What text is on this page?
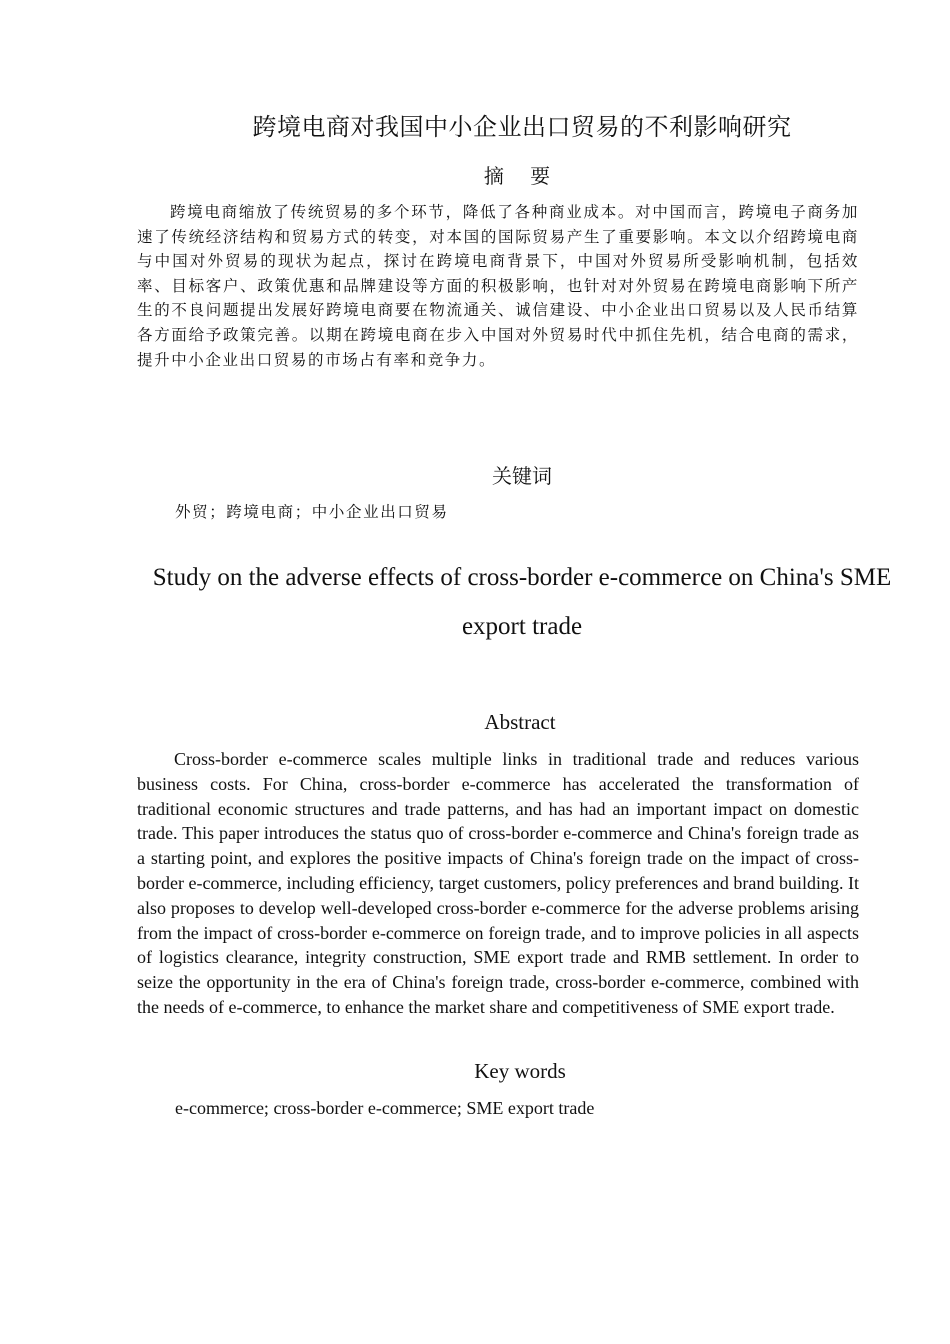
跨境电商对我国中小企业出口贸易的不利影响研究
摘 要

跨境电商缩放了传统贸易的多个环节，降低了各种商业成本。对中国而言，跨境电子商务加速了传统经济结构和贸易方式的转变，对本国的国际贸易产生了重要影响。本文以介绍跨境电商与中国对外贸易的现状为起点，探讨在跨境电商背景下，中国对外贸易所受影响机制，包括效率、目标客户、政策优惠和品牌建设等方面的积极影响，也针对对外贸易在跨境电商影响下所产生的不良问题提出发展好跨境电商要在物流通关、诚信建设、中小企业出口贸易以及人民币结算各方面给予政策完善。以期在跨境电商在步入中国对外贸易时代中抓住先机，结合电商的需求，提升中小企业出口贸易的市场占有率和竞争力。

关键词
外贸；跨境电商；中小企业出口贸易

Study on the adverse effects of cross-border e-commerce on China's SME export trade

Abstract

Cross-border e-commerce scales multiple links in traditional trade and reduces various business costs. For China, cross-border e-commerce has accelerated the transformation of traditional economic structures and trade patterns, and has had an important impact on domestic trade. This paper introduces the status quo of cross-border e-commerce and China's foreign trade as a starting point, and explores the positive impacts of China's foreign trade on the impact of cross-border e-commerce, including efficiency, target customers, policy preferences and brand building. It also proposes to develop well-developed cross-border e-commerce for the adverse problems arising from the impact of cross-border e-commerce on foreign trade, and to improve policies in all aspects of logistics clearance, integrity construction, SME export trade and RMB settlement. In order to seize the opportunity in the era of China's foreign trade, cross-border e-commerce, combined with the needs of e-commerce, to enhance the market share and competitiveness of SME export trade.

Key words
e-commerce; cross-border e-commerce; SME export trade
